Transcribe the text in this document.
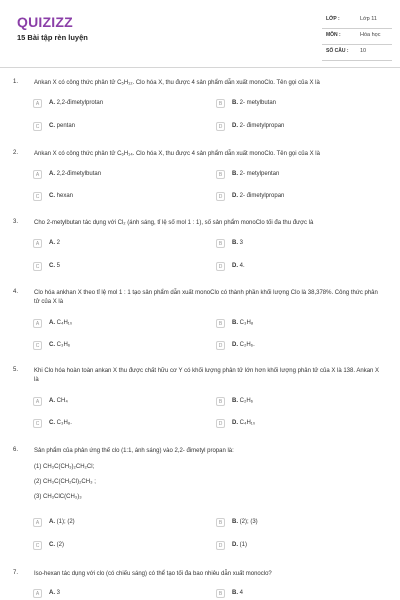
QUIZIZZ
15 Bài tập rèn luyện
LỚP :	Lớp 11
MÔN :	Hóa học
SỐ CÂU : 10
1.	Ankan X có công thức phân tử C₅H₁₂. Clo hóa X, thu được 4 sản phẩm dẫn xuất monoClo. Tên gọi của X là
A	A. 2,2-đimetylprotan	B	B. 2- metylbutan
C	C. pentan	D	D. 2- đimetylpropan
2.	Ankan X có công thức phân tử C₆H₁₄. Clo hóa X, thu được 4 sản phẩm dẫn xuất monoClo. Tên gọi của X là
A	A. 2,2-đimetylbutan	B	B. 2- metylpentan
C	C. hexan	D	D. 2- đimetylpropan
3.	Cho 2-metylbutan tác dụng với Cl₂ (ánh sáng, tỉ lệ số mol 1 : 1), số sản phẩm monoClo tối đa thu được là
A	A. 2	B	B. 3
C	C. 5	D	D. 4.
4.	Clo hóa ankhan X theo tỉ lệ mol 1 : 1 tạo sản phẩm dẫn xuất monoClo có thành phần khối lượng Clo là 38,378%. Công thức phân tử của X là
A	A. C₄H₁₀	B	B. C₃H₈
C	C. C₃H₆	D	D. C₂H₆.
5.	Khi Clo hóa hoàn toàn ankan X thu được chất hữu cơ Y có khối lượng phân tử lớn hơn khối lượng phân tử của X là 138. Ankan X là
A	A. CH₄	B	B. C₂H₆
C	C. C₃H₈.	D	D. C₄H₁₀
6.	Sản phẩm của phản ứng thế clo (1:1, ánh sáng) vào 2,2- đimetyl propan là:
(1) CH₃C(CH₃)₂CH₂Cl;
(2) CH₃C(CH₂Cl)₂CH₃ ;
(3) CH₃ClC(CH₃)₃
A	A. (1); (2)	B	B. (2); (3)
C	C. (2)	D	D. (1)
7.	Iso-hexan tác dụng với clo (có chiếu sáng) có thể tạo tối đa bao nhiêu dẫn xuất monoclo?
A	A. 3	B	B. 4
